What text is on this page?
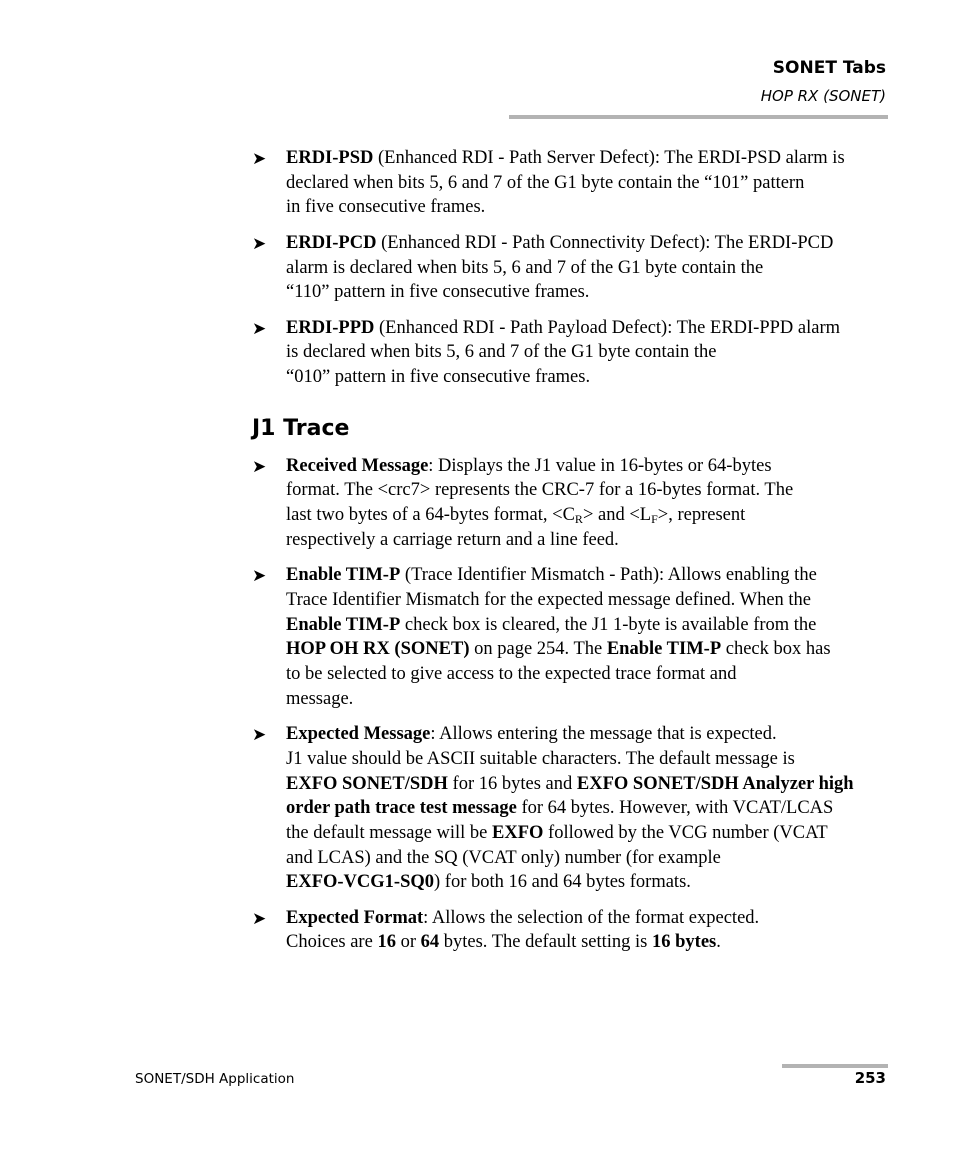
SONET Tabs
HOP RX (SONET)
➤ ERDI-PSD (Enhanced RDI - Path Server Defect): The ERDI-PSD alarm is
declared when bits 5, 6 and 7 of the G1 byte contain the “101” pattern
in five consecutive frames.
➤ ERDI-PCD (Enhanced RDI - Path Connectivity Defect): The ERDI-PCD
alarm is declared when bits 5, 6 and 7 of the G1 byte contain the
“110” pattern in five consecutive frames.
➤ ERDI-PPD (Enhanced RDI - Path Payload Defect): The ERDI-PPD alarm
is declared when bits 5, 6 and 7 of the G1 byte contain the
“010” pattern in five consecutive frames.
J1 Trace
➤ Received Message: Displays the J1 value in 16-bytes or 64-bytes
format. The <crc7> represents the CRC-7 for a 16-bytes format. The
last two bytes of a 64-bytes format, $<C_R>$ and $<L_F>$, represent
respectively a carriage return and a line feed.
➤ Enable TIM-P (Trace Identifier Mismatch - Path): Allows enabling the
Trace Identifier Mismatch for the expected message defined. When the
Enable TIM-P check box is cleared, the J1 1-byte is available from the
HOP OH RX (SONET) on page 254. The Enable TIM-P check box has
to be selected to give access to the expected trace format and
message.
➤ Expected Message: Allows entering the message that is expected.
J1 value should be ASCII suitable characters. The default message is
EXFO SONET/SDH for 16 bytes and EXFO SONET/SDH Analyzer high
order path trace test message for 64 bytes. However, with VCAT/LCAS
the default message will be EXFO followed by the VCG number (VCAT
and LCAS) and the SQ (VCAT only) number (for example
EXFO-VCG1-SQ0) for both 16 and 64 bytes formats.
➤ Expected Format: Allows the selection of the format expected.
Choices are 16 or 64 bytes. The default setting is 16 bytes.
SONET/SDH Application	253
